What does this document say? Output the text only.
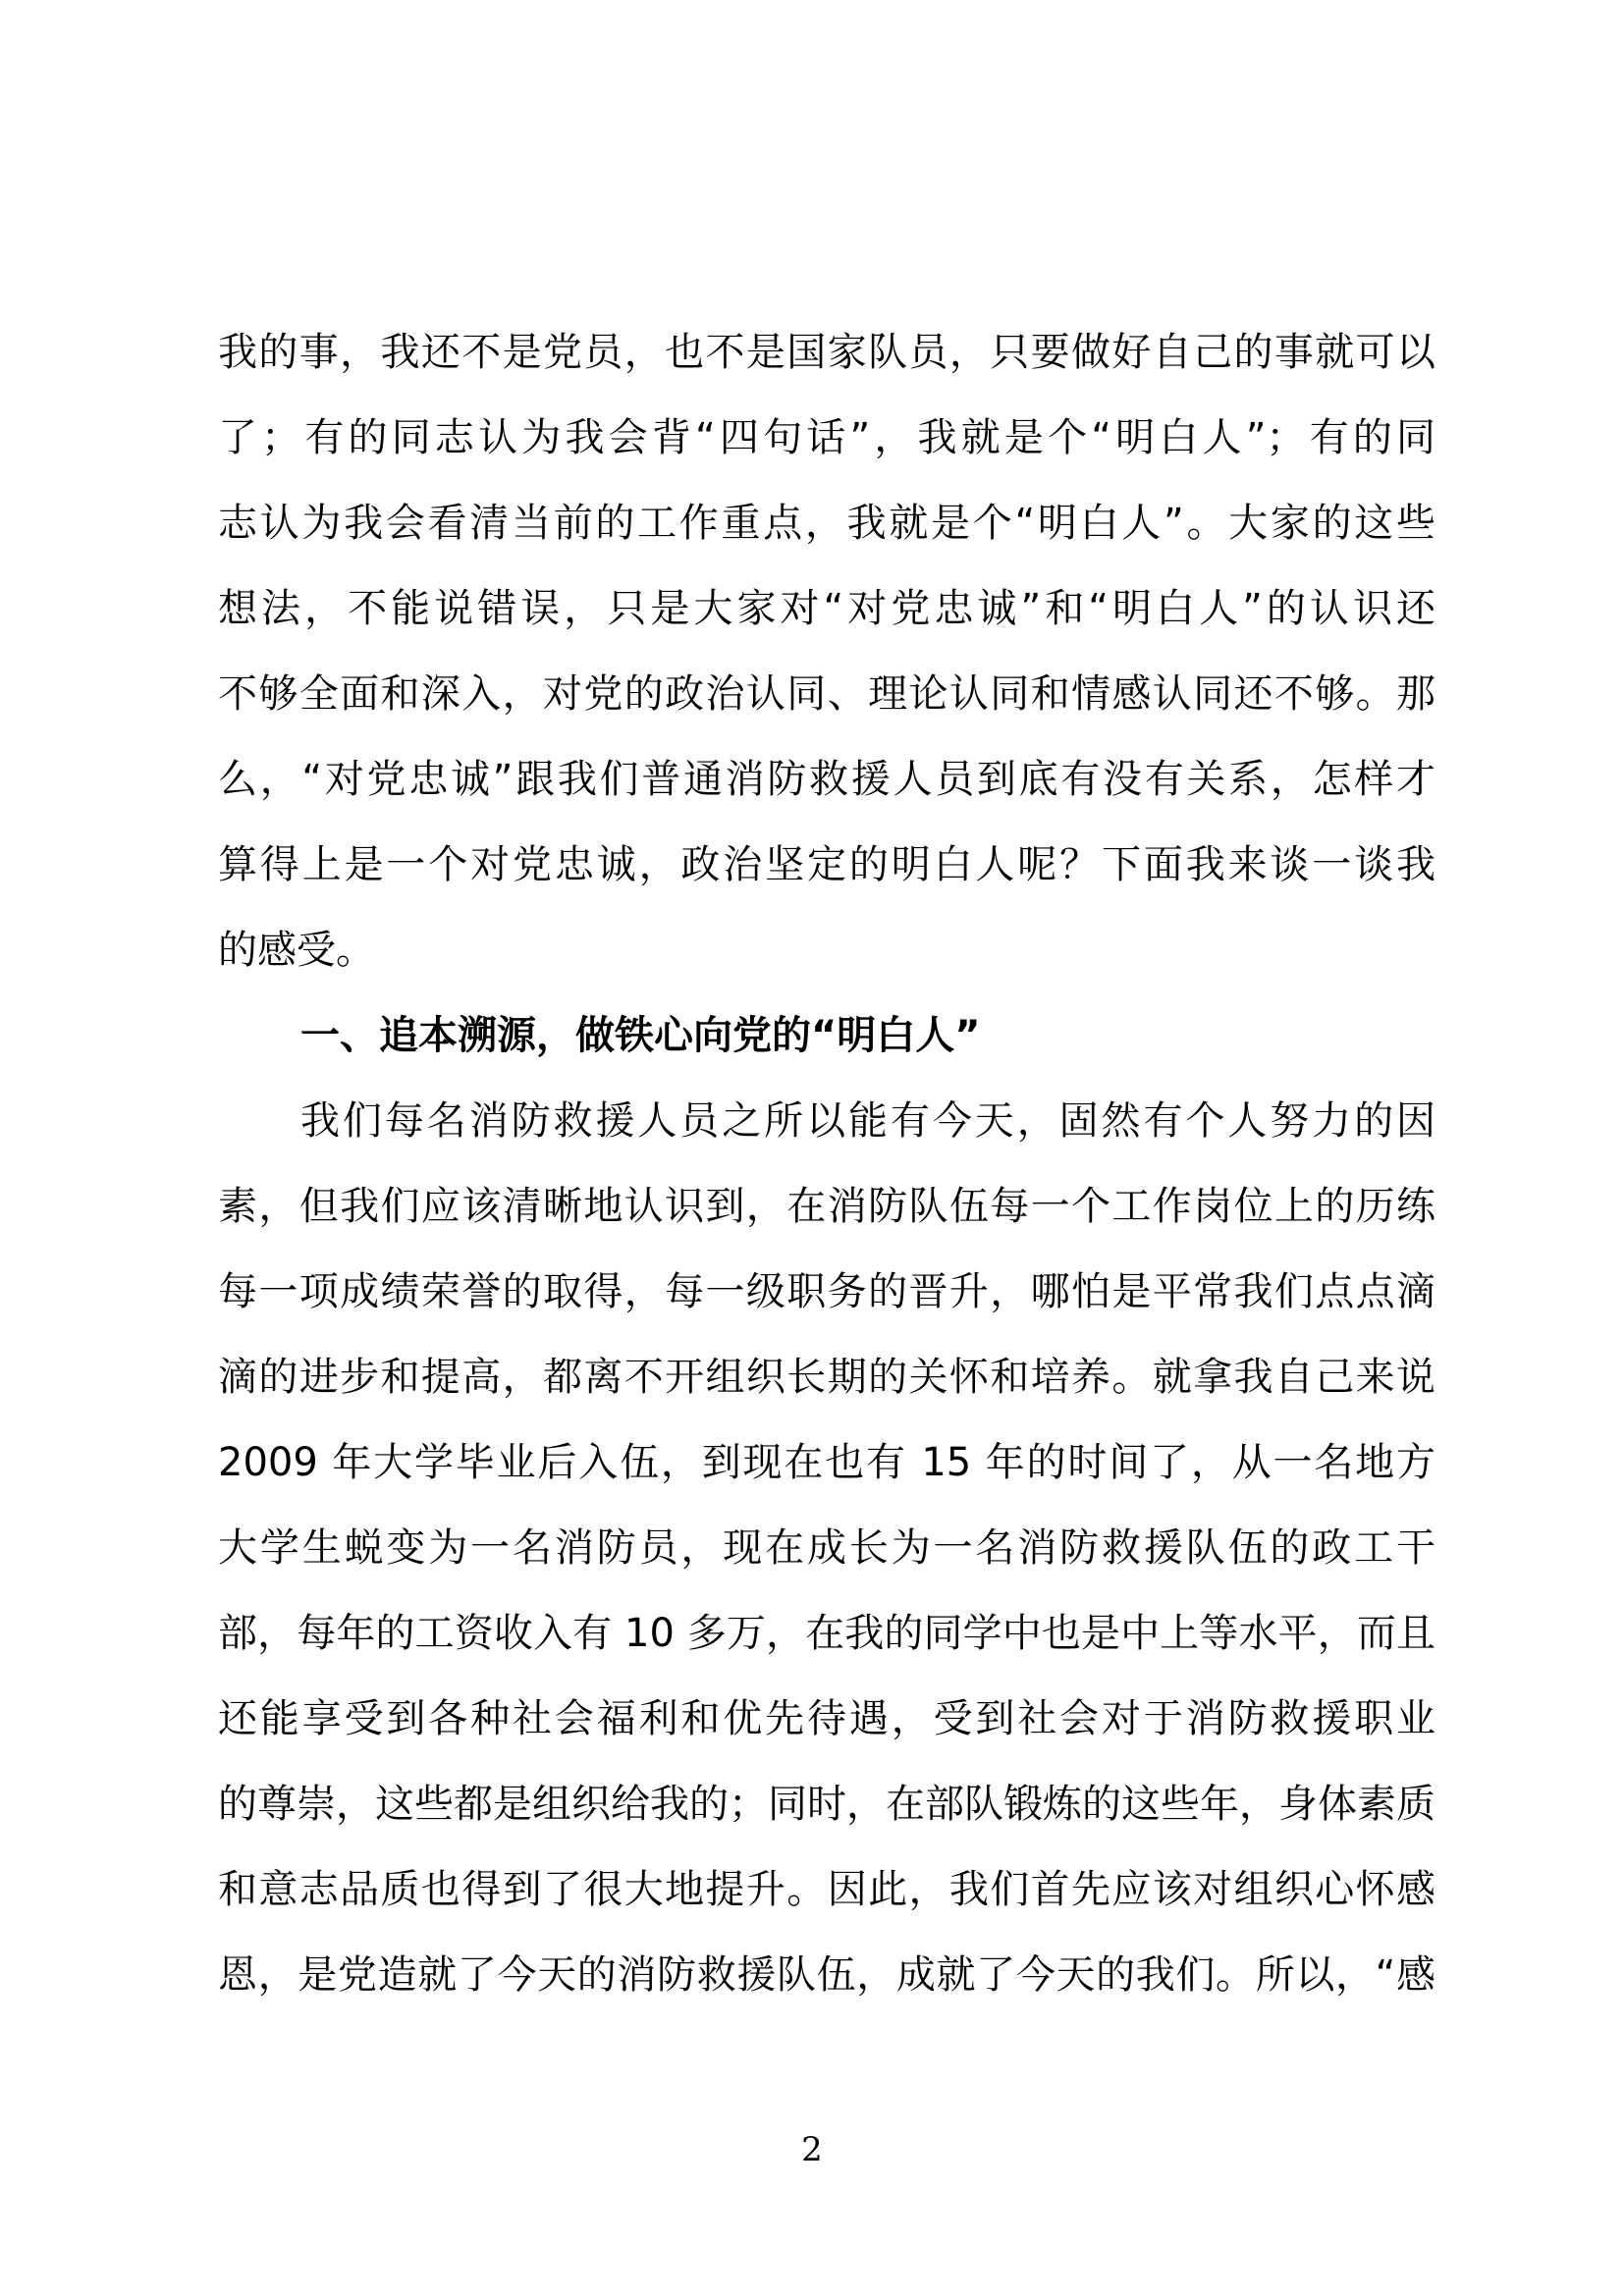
我的事，我还不是党员，也不是国家队员，只要做好自己的事就可以
了；有的同志认为我会背“四句话”，我就是个“明白人”；有的同
志认为我会看清当前的工作重点，我就是个“明白人”。大家的这些
想法，不能说错误，只是大家对“对党忠诚”和“明白人”的认识还
不够全面和深入，对党的政治认同、理论认同和情感认同还不够。那
么，“对党忠诚”跟我们普通消防救援人员到底有没有关系，怎样才
算得上是一个对党忠诚，政治坚定的明白人呢？下面我来谈一谈我
的感受。
一、追本溯源，做铁心向党的“明白人”
我们每名消防救援人员之所以能有今天，固然有个人努力的因
素，但我们应该清晰地认识到，在消防队伍每一个工作岗位上的历练
每一项成绩荣誉的取得，每一级职务的晋升，哪怕是平常我们点点滴
滴的进步和提高，都离不开组织长期的关怀和培养。就拿我自己来说
2009 年大学毕业后入伍，到现在也有 15 年的时间了，从一名地方
大学生蜕变为一名消防员，现在成长为一名消防救援队伍的政工干
部，每年的工资收入有 10 多万，在我的同学中也是中上等水平，而且
还能享受到各种社会福利和优先待遇，受到社会对于消防救援职业
的尊崇，这些都是组织给我的；同时，在部队锻炼的这些年，身体素质
和意志品质也得到了很大地提升。因此，我们首先应该对组织心怀感
恩，是党造就了今天的消防救援队伍，成就了今天的我们。所以，“感
2
